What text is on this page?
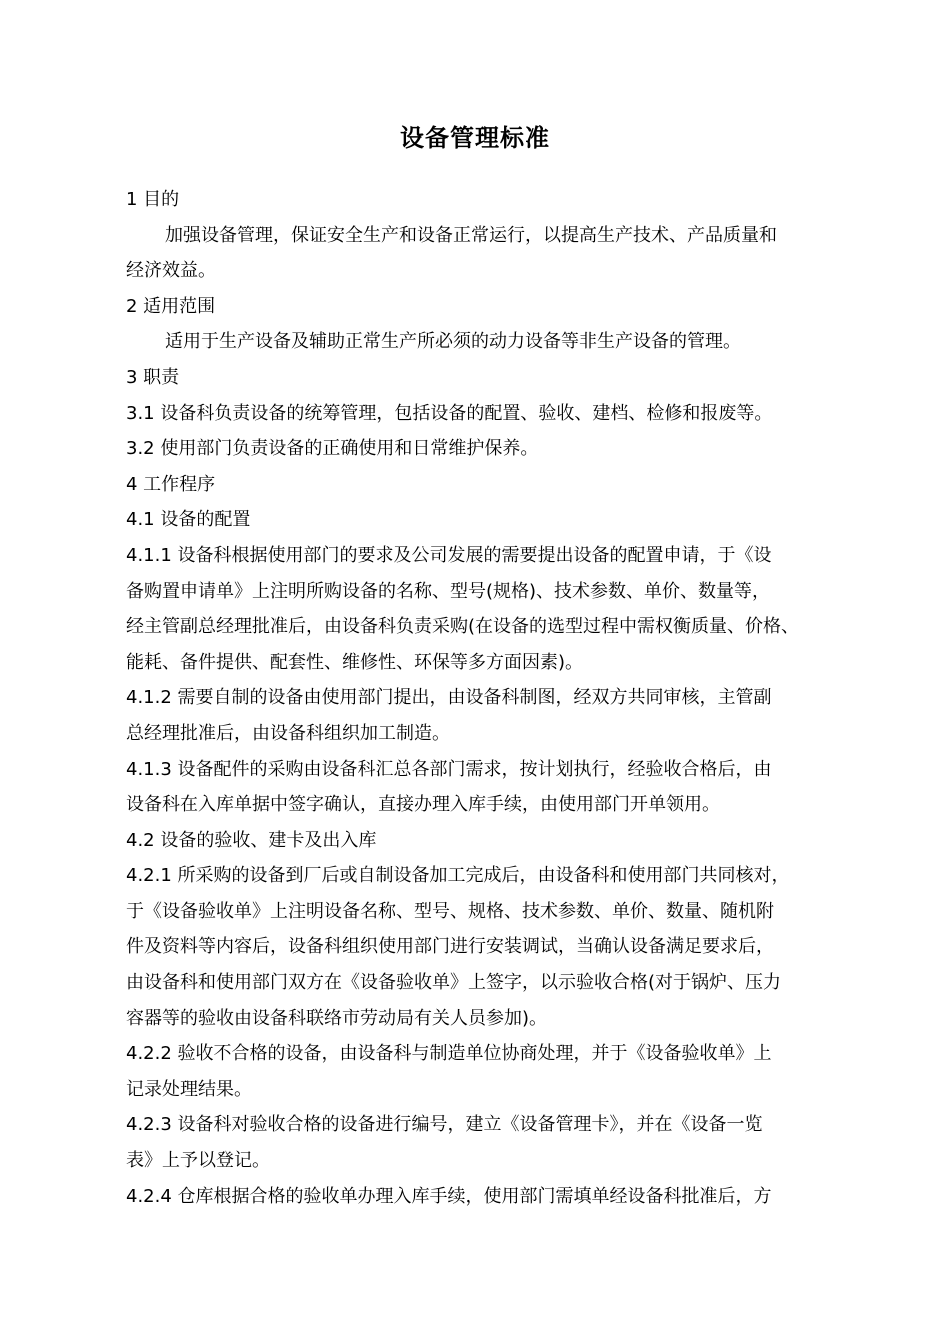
设备管理标准
1 目的
加强设备管理，保证安全生产和设备正常运行，以提高生产技术、产品质量和
经济效益。
2 适用范围
适用于生产设备及辅助正常生产所必须的动力设备等非生产设备的管理。
3 职责
3.1 设备科负责设备的统筹管理，包括设备的配置、验收、建档、检修和报废等。
3.2 使用部门负责设备的正确使用和日常维护保养。
4 工作程序
4.1 设备的配置
4.1.1 设备科根据使用部门的要求及公司发展的需要提出设备的配置申请，于《设
备购置申请单》上注明所购设备的名称、型号(规格)、技术参数、单价、数量等，
经主管副总经理批准后，由设备科负责采购(在设备的选型过程中需权衡质量、价格、
能耗、备件提供、配套性、维修性、环保等多方面因素)。
4.1.2 需要自制的设备由使用部门提出，由设备科制图，经双方共同审核，主管副
总经理批准后，由设备科组织加工制造。
4.1.3 设备配件的采购由设备科汇总各部门需求，按计划执行，经验收合格后，由
设备科在入库单据中签字确认，直接办理入库手续，由使用部门开单领用。
4.2 设备的验收、建卡及出入库
4.2.1 所采购的设备到厂后或自制设备加工完成后，由设备科和使用部门共同核对，
于《设备验收单》上注明设备名称、型号、规格、技术参数、单价、数量、随机附
件及资料等内容后，设备科组织使用部门进行安装调试，当确认设备满足要求后，
由设备科和使用部门双方在《设备验收单》上签字，以示验收合格(对于锅炉、压力
容器等的验收由设备科联络市劳动局有关人员参加)。
4.2.2 验收不合格的设备，由设备科与制造单位协商处理，并于《设备验收单》上
记录处理结果。
4.2.3 设备科对验收合格的设备进行编号，建立《设备管理卡》，并在《设备一览
表》上予以登记。
4.2.4 仓库根据合格的验收单办理入库手续，使用部门需填单经设备科批准后，方
